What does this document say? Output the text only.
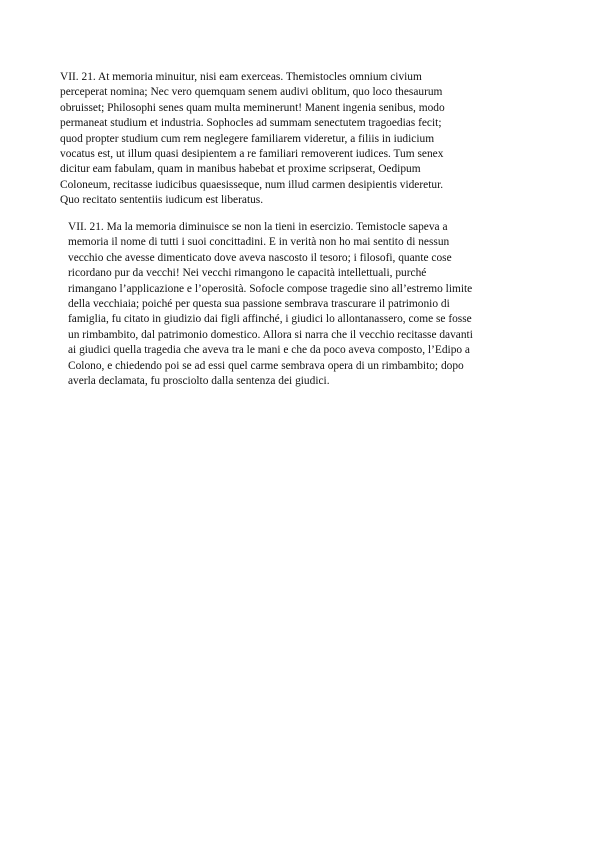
VII. 21. At memoria minuitur, nisi eam exerceas. Themistocles omnium civium
perceperat nomina; Nec vero quemquam senem audivi oblitum, quo loco thesaurum
obruisset; Philosophi senes quam multa meminerunt! Manent ingenia senibus, modo
permaneat studium et industria. Sophocles ad summam senectutem tragoedias fecit;
quod propter studium cum rem neglegere familiarem videretur, a filiis in iudicium
vocatus est, ut illum quasi desipientem a re familiari removerent iudices. Tum senex
dicitur eam fabulam, quam in manibus habebat et proxime scripserat, Oedipum
Coloneum, recitasse iudicibus quaesisseque, num illud carmen desipientis videretur.
Quo recitato sententiis iudicum est liberatus.

VII. 21. Ma la memoria diminuisce se non la tieni in esercizio. Temistocle sapeva a
memoria il nome di tutti i suoi concittadini. E in verità non ho mai sentito di nessun
vecchio che avesse dimenticato dove aveva nascosto il tesoro; i filosofi, quante cose
ricordano pur da vecchi! Nei vecchi rimangono le capacità intellettuali, purché
rimangano l’applicazione e l’operosità. Sofocle compose tragedie sino all’estremo limite
della vecchiaia; poiché per questa sua passione sembrava trascurare il patrimonio di
famiglia, fu citato in giudizio dai figli affinché, i giudici lo allontanassero, come se fosse
un rimbambito, dal patrimonio domestico. Allora si narra che il vecchio recitasse davanti
ai giudici quella tragedia che aveva tra le mani e che da poco aveva composto, l’Edipo a
Colono, e chiedendo poi se ad essi quel carme sembrava opera di un rimbambito; dopo
averla declamata, fu prosciolto dalla sentenza dei giudici.
